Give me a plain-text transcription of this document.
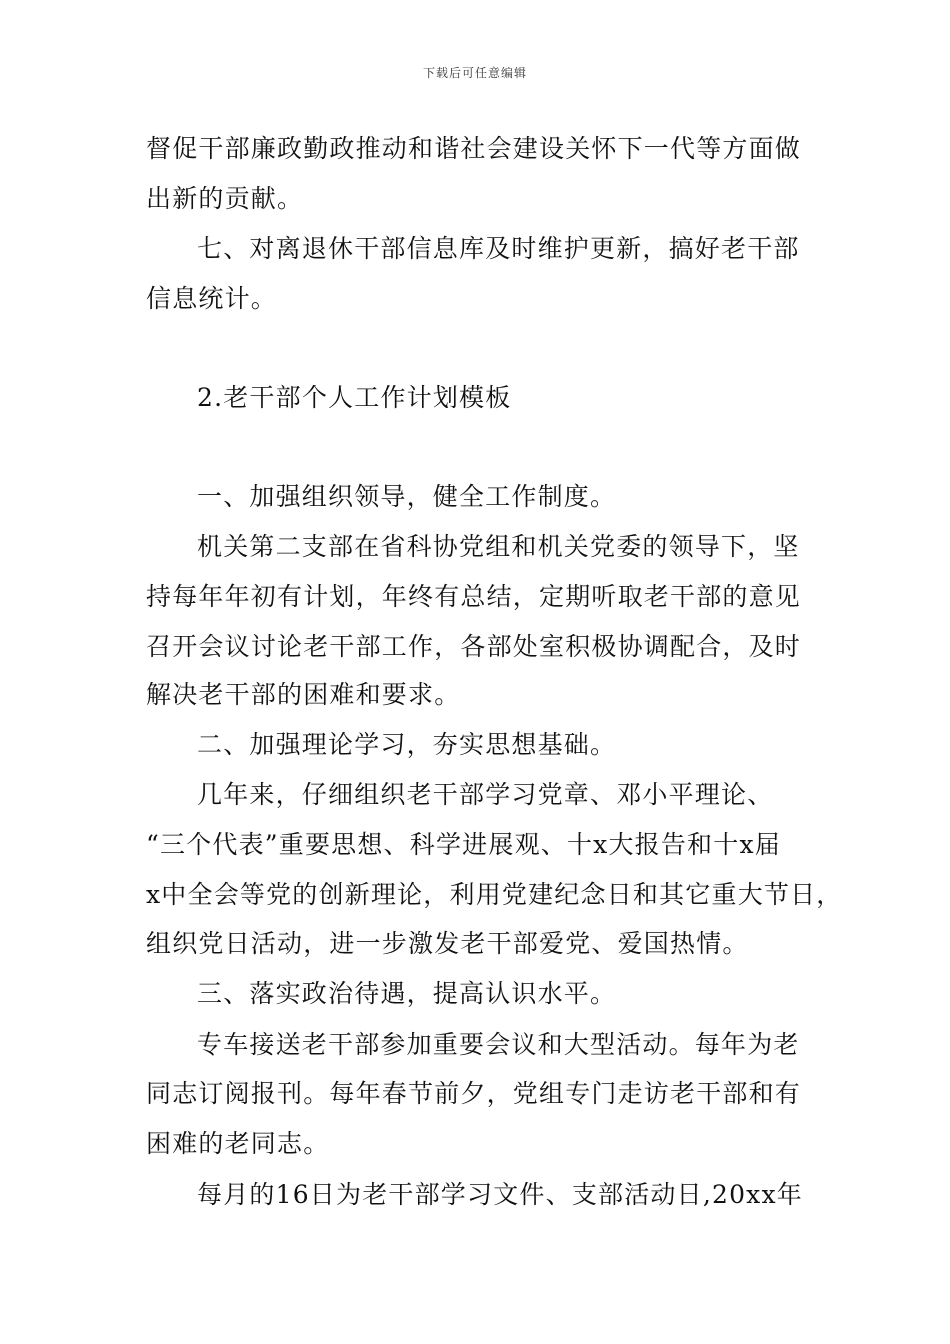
下载后可任意编辑
督促干部廉政勤政推动和谐社会建设关怀下一代等方面做
出新的贡献。
七、对离退休干部信息库及时维护更新，搞好老干部
信息统计。
2.老干部个人工作计划模板
一、加强组织领导，健全工作制度。
机关第二支部在省科协党组和机关党委的领导下，坚
持每年年初有计划，年终有总结，定期听取老干部的意见
召开会议讨论老干部工作，各部处室积极协调配合，及时
解决老干部的困难和要求。
二、加强理论学习，夯实思想基础。
几年来，仔细组织老干部学习党章、邓小平理论、
“三个代表”重要思想、科学进展观、十x大报告和十x届
x中全会等党的创新理论，利用党建纪念日和其它重大节日，
组织党日活动，进一步激发老干部爱党、爱国热情。
三、落实政治待遇，提高认识水平。
专车接送老干部参加重要会议和大型活动。每年为老
同志订阅报刊。每年春节前夕，党组专门走访老干部和有
困难的老同志。
每月的16日为老干部学习文件、支部活动日,20xx年
